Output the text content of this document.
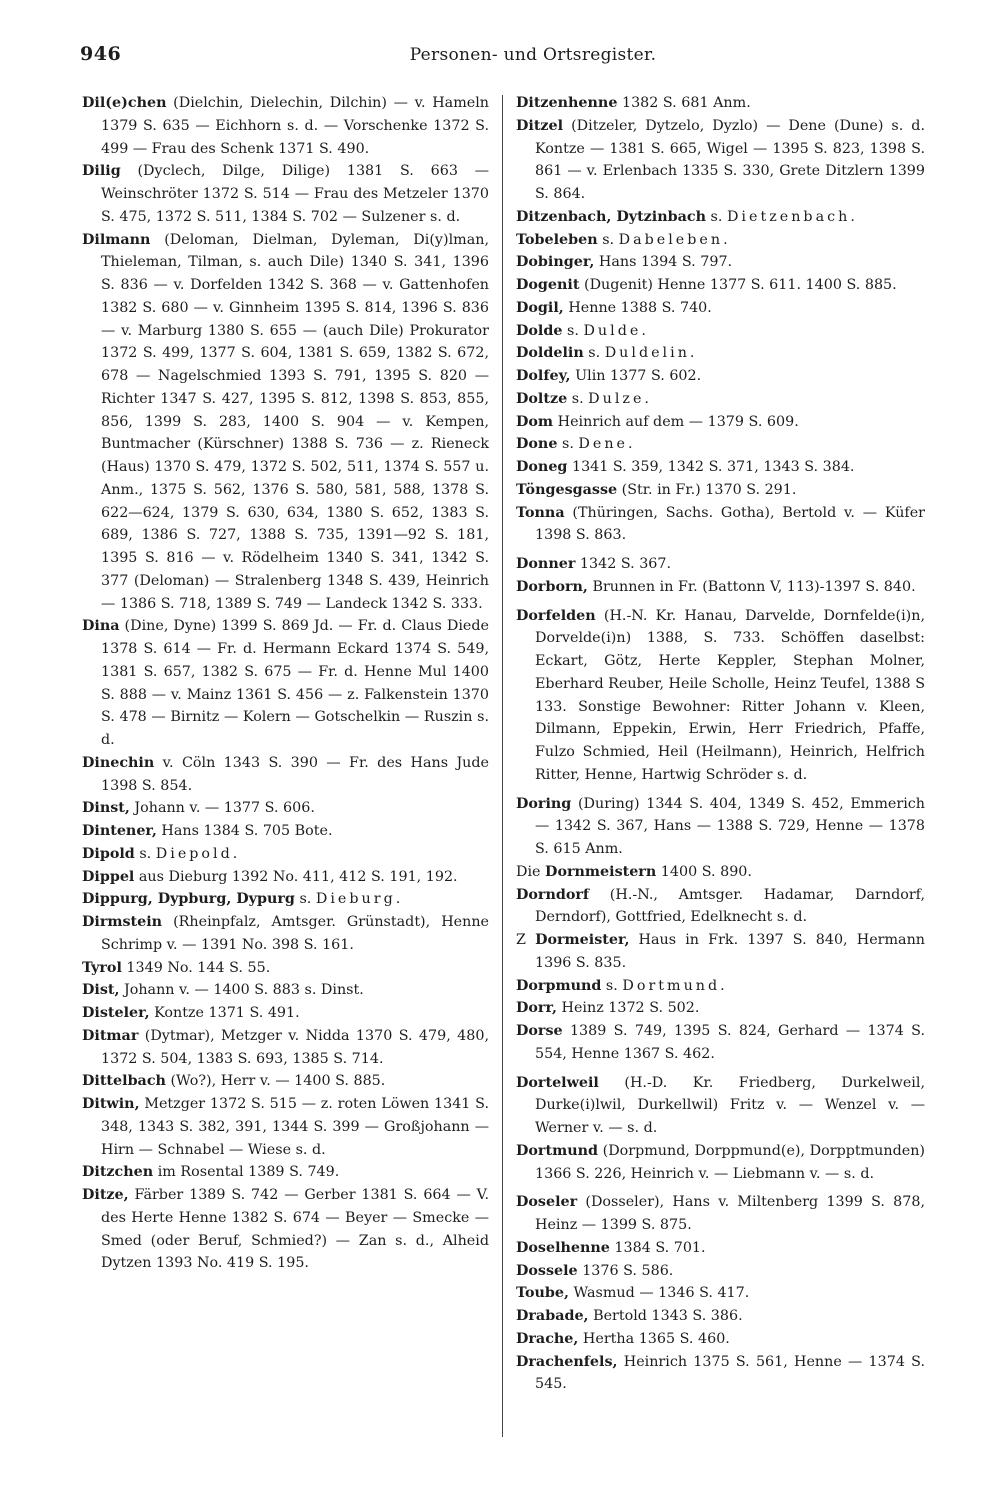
946	Personen- und Ortsregister.

Dil(e)chen (Dielchin, Dielechin, Dilchin) — v. Hameln 1379 S. 635 — Eichhorn s. d. — Vorschenke 1372 S. 499 — Frau des Schenk 1371 S. 490.

Dilig (Dyclech, Dilge, Dilige) 1381 S. 663 — Weinschröter 1372 S. 514 — Frau des Metzeler 1370 S. 475, 1372 S. 511, 1384 S. 702 — Sulzener s. d.

Dilmann (Deloman, Dielman, Dyleman, Di(y)lman, Thieleman, Tilman, s. auch Dile) 1340 S. 341, 1396 S. 836 — v. Dorfelden 1342 S. 368 — v. Gattenhofen 1382 S. 680 — v. Ginnheim 1395 S. 814, 1396 S. 836 — v. Marburg 1380 S. 655 — (auch Dile) Prokurator 1372 S. 499, 1377 S. 604, 1381 S. 659, 1382 S. 672, 678 — Nagelschmied 1393 S. 791, 1395 S. 820 — Richter 1347 S. 427, 1395 S. 812, 1398 S. 853, 855, 856, 1399 S. 283, 1400 S. 904 — v. Kempen, Buntmacher (Kürschner) 1388 S. 736 — z. Rieneck (Haus) 1370 S. 479, 1372 S. 502, 511, 1374 S. 557 u. Anm., 1375 S. 562, 1376 S. 580, 581, 588, 1378 S. 622—624, 1379 S. 630, 634, 1380 S. 652, 1383 S. 689, 1386 S. 727, 1388 S. 735, 1391—92 S. 181, 1395 S. 816 — v. Rödelheim 1340 S. 341, 1342 S. 377 (Deloman) — Stralenberg 1348 S. 439, Heinrich — 1386 S. 718, 1389 S. 749 — Landeck 1342 S. 333.

Dina (Dine, Dyne) 1399 S. 869 Jd. — Fr. d. Claus Diede 1378 S. 614 — Fr. d. Hermann Eckard 1374 S. 549, 1381 S. 657, 1382 S. 675 — Fr. d. Henne Mul 1400 S. 888 — v. Mainz 1361 S. 456 — z. Falkenstein 1370 S. 478 — Birnitz — Kolern — Gotschelkin — Ruszin s. d.

Dinechin v. Cöln 1343 S. 390 — Fr. des Hans Jude 1398 S. 854.

Dinst, Johann v. — 1377 S. 606.

Dintener, Hans 1384 S. 705 Bote.

Dipold s. Diepold.

Dippel aus Dieburg 1392 No. 411, 412 S. 191, 192.

Dippurg, Dypburg, Dypurg s. Dieburg.

Dirmstein (Rheinpfalz, Amtsger. Grünstadt), Henne Schrimp v. — 1391 No. 398 S. 161.

Tyrol 1349 No. 144 S. 55.

Dist, Johann v. — 1400 S. 883 s. Dinst.

Disteler, Kontze 1371 S. 491.

Ditmar (Dytmar), Metzger v. Nidda 1370 S. 479, 480, 1372 S. 504, 1383 S. 693, 1385 S. 714.

Dittelbach (Wo?), Herr v. — 1400 S. 885.

Ditwin, Metzger 1372 S. 515 — z. roten Löwen 1341 S. 348, 1343 S. 382, 391, 1344 S. 399 — Großjohann — Hirn — Schnabel — Wiese s. d.

Ditzchen im Rosental 1389 S. 749.

Ditze, Färber 1389 S. 742 — Gerber 1381 S. 664 — V. des Herte Henne 1382 S. 674 — Beyer — Smecke — Smed (oder Beruf, Schmied?) — Zan s. d., Alheid Dytzen 1393 No. 419 S. 195.

Ditzenhenne 1382 S. 681 Anm.

Ditzel (Ditzeler, Dytzelo, Dyzlo) — Dene (Dune) s. d. Kontze — 1381 S. 665, Wigel — 1395 S. 823, 1398 S. 861 — v. Erlenbach 1335 S. 330, Grete Ditzlern 1399 S. 864.

Ditzenbach, Dytzinbach s. Dietzenbach.

Tobeleben s. Dabeleben.

Dobinger, Hans 1394 S. 797.

Dogenit (Dugenit) Henne 1377 S. 611. 1400 S. 885.

Dogil, Henne 1388 S. 740.

Dolde s. Dulde.

Doldelin s. Duldelin.

Dolfey, Ulin 1377 S. 602.

Doltze s. Dulze.

Dom Heinrich auf dem — 1379 S. 609.

Done s. Dene.

Doneg 1341 S. 359, 1342 S. 371, 1343 S. 384.

Töngesgasse (Str. in Fr.) 1370 S. 291.

Tonna (Thüringen, Sachs. Gotha), Bertold v. — Küfer 1398 S. 863.

Donner 1342 S. 367.

Dorborn, Brunnen in Fr. (Battonn V, 113)-1397 S. 840.

Dorfelden (H.-N. Kr. Hanau, Darvelde, Dornfelde(i)n, Dorvelde(i)n) 1388, S. 733. Schöffen daselbst: Eckart, Götz, Herte Keppler, Stephan Molner, Eberhard Reuber, Heile Scholle, Heinz Teufel, 1388 S 133. Sonstige Bewohner: Ritter Johann v. Kleen, Dilmann, Eppekin, Erwin, Herr Friedrich, Pfaffe, Fulzo Schmied, Heil (Heilmann), Heinrich, Helfrich Ritter, Henne, Hartwig Schröder s. d.

Doring (During) 1344 S. 404, 1349 S. 452, Emmerich — 1342 S. 367, Hans — 1388 S. 729, Henne — 1378 S. 615 Anm.

Die Dornmeistern 1400 S. 890.

Dorndorf (H.-N., Amtsger. Hadamar, Darndorf, Derndorf), Gottfried, Edelknecht s. d.

Z Dormeister, Haus in Frk. 1397 S. 840, Hermann 1396 S. 835.

Dorpmund s. Dortmund.

Dorr, Heinz 1372 S. 502.

Dorse 1389 S. 749, 1395 S. 824, Gerhard — 1374 S. 554, Henne 1367 S. 462.

Dortelweil (H.-D. Kr. Friedberg, Durkelweil, Durke(i)lwil, Durkellwil) Fritz v. — Wenzel v. — Werner v. — s. d.

Dortmund (Dorpmund, Dorppmund(e), Dorpptmunden) 1366 S. 226, Heinrich v. — Liebmann v. — s. d.

Doseler (Dosseler), Hans v. Miltenberg 1399 S. 878, Heinz — 1399 S. 875.

Doselhenne 1384 S. 701.

Dossele 1376 S. 586.

Toube, Wasmud — 1346 S. 417.

Drabade, Bertold 1343 S. 386.

Drache, Hertha 1365 S. 460.

Drachenfels, Heinrich 1375 S. 561, Henne — 1374 S. 545.
